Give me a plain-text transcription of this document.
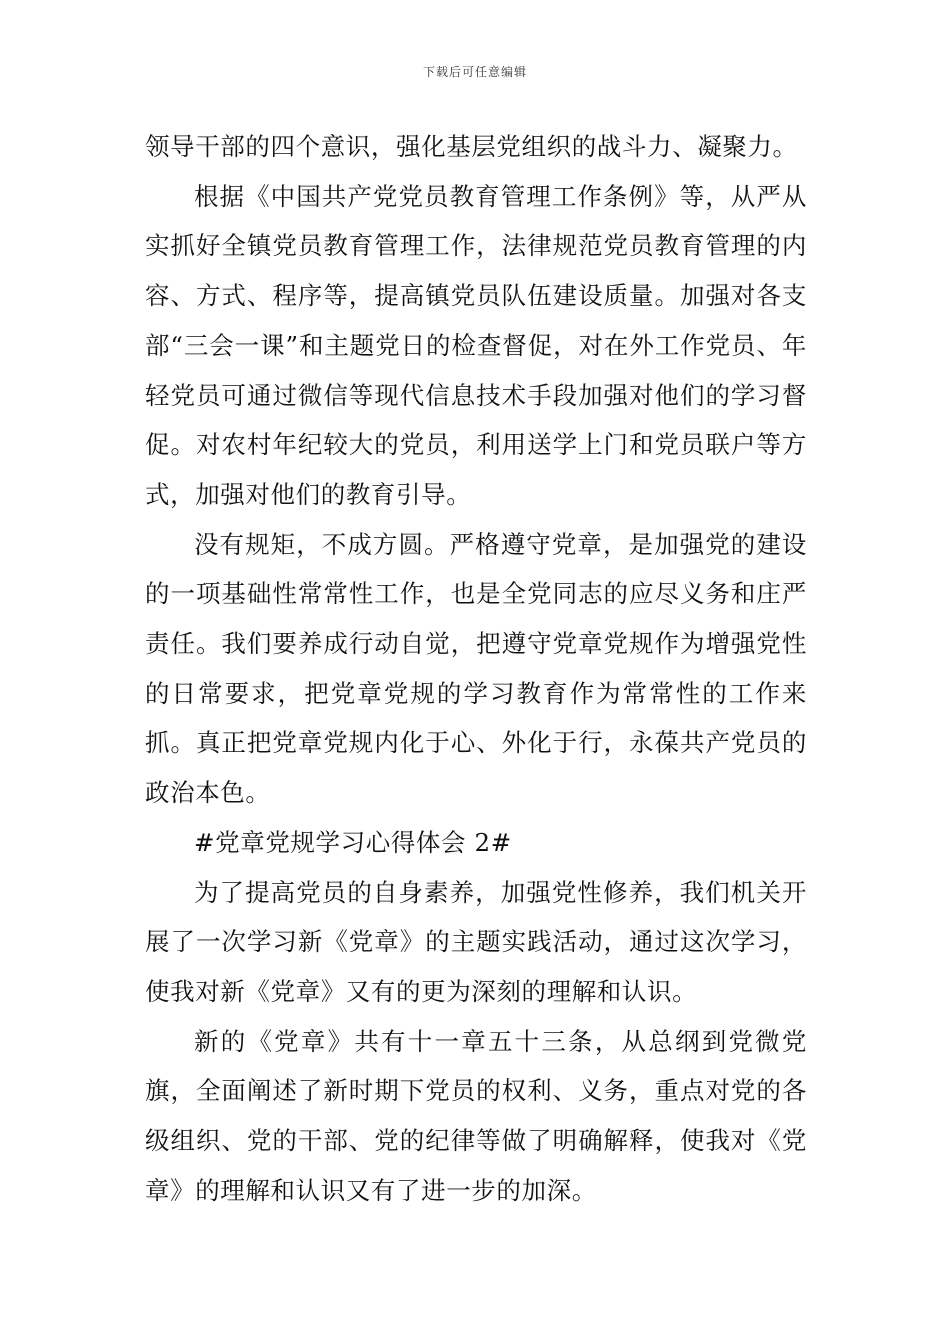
下载后可任意编辑

领导干部的四个意识，强化基层党组织的战斗力、凝聚力。

根据《中国共产党党员教育管理工作条例》等，从严从实抓好全镇党员教育管理工作，法律规范党员教育管理的内容、方式、程序等，提高镇党员队伍建设质量。加强对各支部“三会一课”和主题党日的检查督促，对在外工作党员、年轻党员可通过微信等现代信息技术手段加强对他们的学习督促。对农村年纪较大的党员，利用送学上门和党员联户等方式，加强对他们的教育引导。

没有规矩，不成方圆。严格遵守党章，是加强党的建设的一项基础性常常性工作，也是全党同志的应尽义务和庄严责任。我们要养成行动自觉，把遵守党章党规作为增强党性的日常要求，把党章党规的学习教育作为常常性的工作来抓。真正把党章党规内化于心、外化于行，永葆共产党员的政治本色。

#党章党规学习心得体会 2#

为了提高党员的自身素养，加强党性修养，我们机关开展了一次学习新《党章》的主题实践活动，通过这次学习，使我对新《党章》又有的更为深刻的理解和认识。

新的《党章》共有十一章五十三条，从总纲到党微党旗，全面阐述了新时期下党员的权利、义务，重点对党的各级组织、党的干部、党的纪律等做了明确解释，使我对《党章》的理解和认识又有了进一步的加深。
